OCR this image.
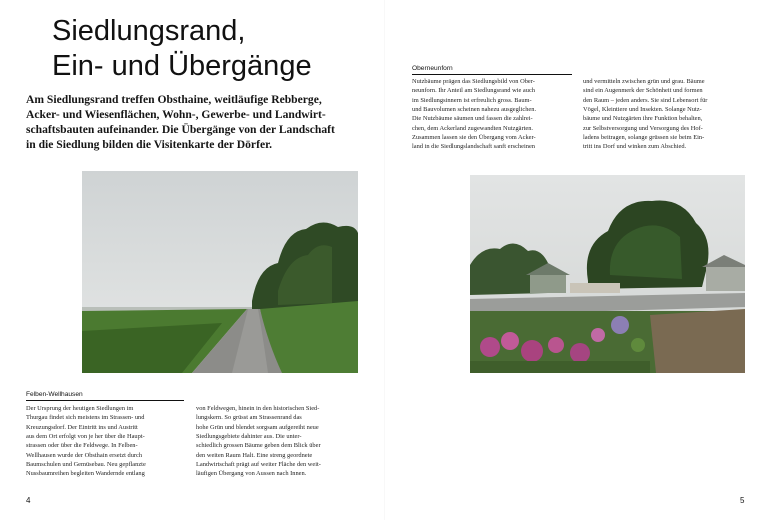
Siedlungsrand,
Ein- und Übergänge

Am Siedlungsrand treffen Obsthaine, weitläufige Rebberge,
Acker- und Wiesenflächen, Wohn-, Gewerbe- und Landwirt-
schaftsbauten aufeinander. Die Übergänge von der Landschaft
in die Siedlung bilden die Visitenkarte der Dörfer.

Felben-Wellhausen

Der Ursprung der heutigen Siedlungen im
Thurgau findet sich meistens im Strassen- und
Kreuzungsdorf. Der Eintritt ins und Austritt
aus dem Ort erfolgt von je her über die Haupt-
strassen oder über die Feldwege. In Felben-
Wellhausen wurde der Obsthain ersetzt durch
Baumschulen und Gemüsebau. Neu gepflanzte
Nussbaumreihen begleiten Wandernde entlang

von Feldwegen, hinein in den historischen Sied-
lungskern. So grüsst am Strassenrand das
hohe Grün und blendet sorgsam aufgereiht neue
Siedlungsgebiete dahinter aus. Die unter-
schiedlich grossen Bäume geben dem Blick über
den weiten Raum Halt. Eine streng geordnete
Landwirtschaft prägt auf weiter Fläche den weit-
läufigen Übergang von Aussen nach Innen.

4
Oberneunforn

Nutzbäume prägen das Siedlungsbild von Ober-
neunforn. Ihr Anteil am Siedlungsrand wie auch
im Siedlungsinnern ist erfreulich gross. Baum-
und Bauvolumen scheinen nahezu ausgeglichen.
Die Nutzbäume säumen und fassen die zahlrei-
chen, dem Ackerland zugewandten Nutzgärten.
Zusammen lassen sie den Übergang vom Acker-
land in die Siedlungslandschaft sanft erscheinen

und vermitteln zwischen grün und grau. Bäume
sind ein Augenmerk der Schönheit und formen
den Raum – jeden anders. Sie sind Lebensort für
Vögel, Kleintiere und Insekten. Solange Nutz-
bäume und Nutzgärten ihre Funktion behalten,
zur Selbstversorgung und Versorgung des Hof-
ladens beitragen, solange grüssen sie beim Ein-
tritt ins Dorf und winken zum Abschied.

5
